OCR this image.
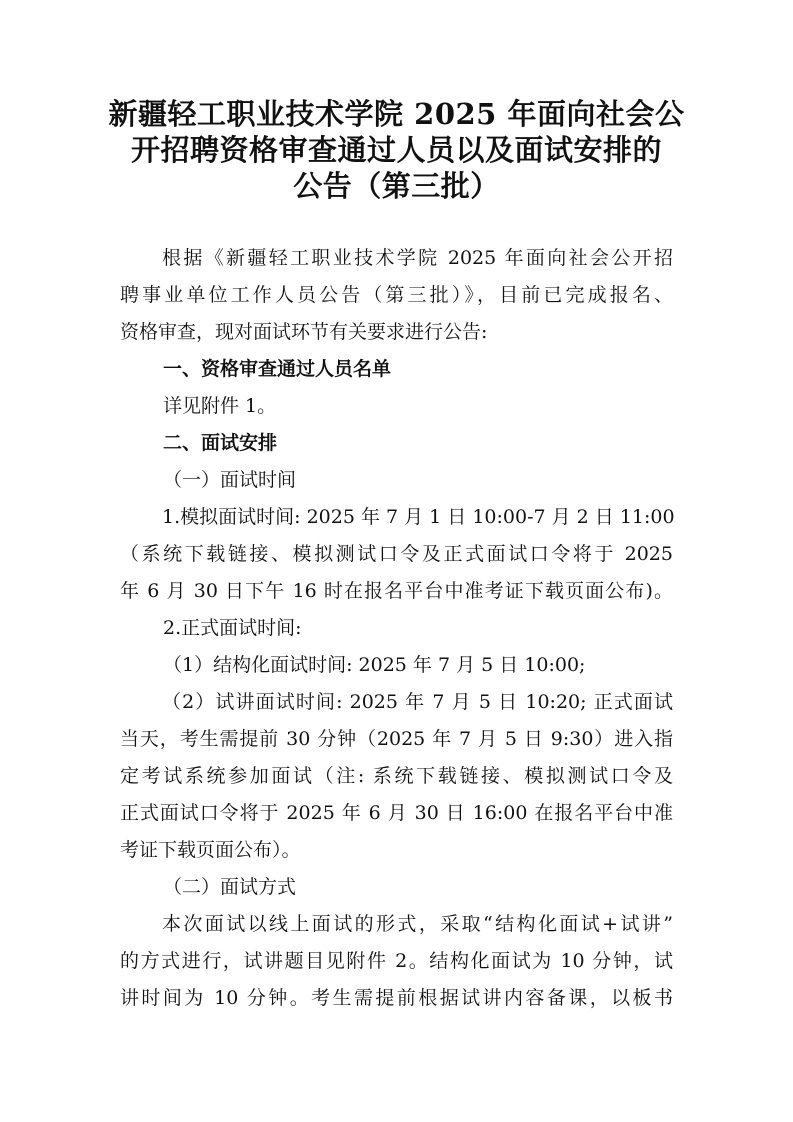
新疆轻工职业技术学院 2025 年面向社会公
开招聘资格审查通过人员以及面试安排的
公告（第三批）
根据《新疆轻工职业技术学院 2025 年面向社会公开招
聘事业单位工作人员公告（第三批）》，目前已完成报名、
资格审查，现对面试环节有关要求进行公告:
一、资格审查通过人员名单
详见附件 1。
二、面试安排
（一）面试时间
1.模拟面试时间: 2025 年 7 月 1 日 10:00-7 月 2 日 11:00
（系统下载链接、模拟测试口令及正式面试口令将于 2025
年 6 月 30 日下午 16 时在报名平台中准考证下载页面公布)。
2.正式面试时间:
（1）结构化面试时间: 2025 年 7 月 5 日 10:00;
（2）试讲面试时间: 2025 年 7 月 5 日 10:20; 正式面试
当天，考生需提前 30 分钟（2025 年 7 月 5 日 9:30）进入指
定考试系统参加面试（注: 系统下载链接、模拟测试口令及
正式面试口令将于 2025 年 6 月 30 日 16:00 在报名平台中准
考证下载页面公布）。
（二）面试方式
本次面试以线上面试的形式，采取“结构化面试+试讲”
的方式进行，试讲题目见附件 2。结构化面试为 10 分钟，试
讲时间为 10 分钟。考生需提前根据试讲内容备课，以板书
